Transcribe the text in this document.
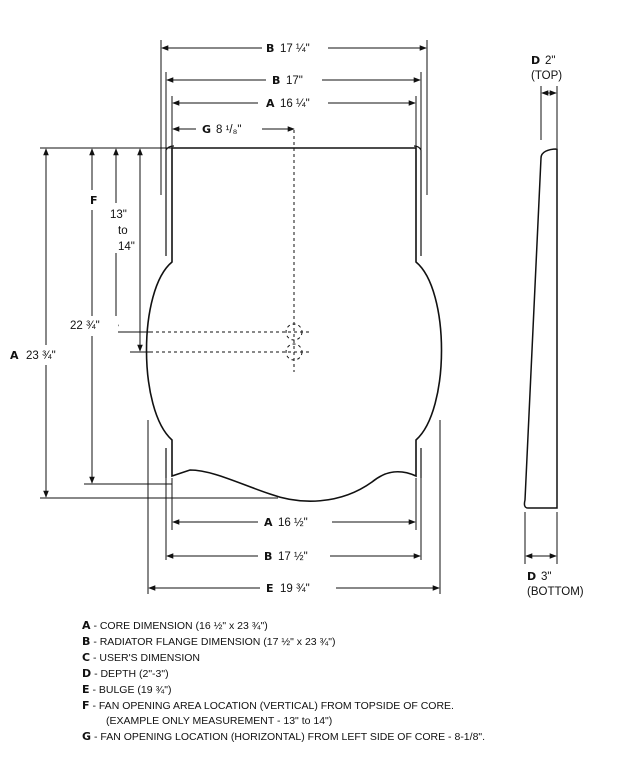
B 17 ¼"
B 17"
A 16 ¼"
G 8 ¹/₈"
F
13"
to
14"
22 ¾"
A 23 ¾"
A 16 ½"
B 17 ½"
E 19 ¾"
D 2"
(TOP)
D 3"
(BOTTOM)
A - CORE DIMENSION (16 ½" x 23 ¾")
B - RADIATOR FLANGE DIMENSION (17 ½" x 23 ¾")
C - USER'S DIMENSION
D - DEPTH (2"-3")
E - BULGE (19 ¾")
F - FAN OPENING AREA LOCATION (VERTICAL) FROM TOPSIDE OF CORE.
(EXAMPLE ONLY MEASUREMENT - 13" to 14")
G - FAN OPENING LOCATION (HORIZONTAL) FROM LEFT SIDE OF CORE - 8-1/8".
